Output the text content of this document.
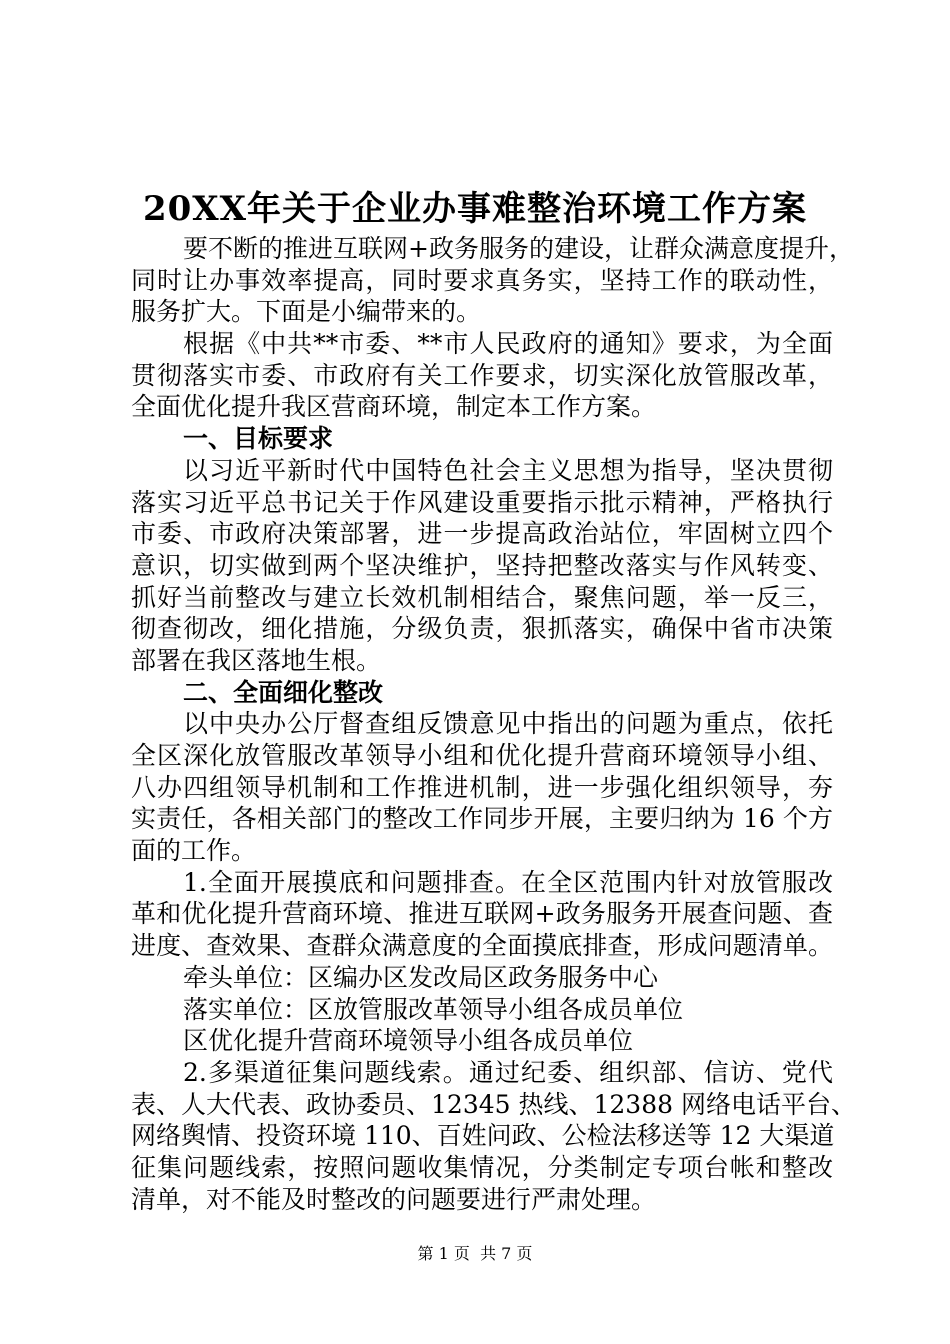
20XX年关于企业办事难整治环境工作方案
要不断的推进互联网+政务服务的建设，让群众满意度提升，
同时让办事效率提高，同时要求真务实，坚持工作的联动性，
服务扩大。下面是小编带来的。
根据《中共**市委、**市人民政府的通知》要求，为全面
贯彻落实市委、市政府有关工作要求，切实深化放管服改革，
全面优化提升我区营商环境，制定本工作方案。
一、目标要求
以习近平新时代中国特色社会主义思想为指导，坚决贯彻
落实习近平总书记关于作风建设重要指示批示精神，严格执行
市委、市政府决策部署，进一步提高政治站位，牢固树立四个
意识，切实做到两个坚决维护，坚持把整改落实与作风转变、
抓好当前整改与建立长效机制相结合，聚焦问题，举一反三，
彻查彻改，细化措施，分级负责，狠抓落实，确保中省市决策
部署在我区落地生根。
二、全面细化整改
以中央办公厅督查组反馈意见中指出的问题为重点，依托
全区深化放管服改革领导小组和优化提升营商环境领导小组、
八办四组领导机制和工作推进机制，进一步强化组织领导，夯
实责任，各相关部门的整改工作同步开展，主要归纳为 16 个方
面的工作。
1.全面开展摸底和问题排查。在全区范围内针对放管服改
革和优化提升营商环境、推进互联网+政务服务开展查问题、查
进度、查效果、查群众满意度的全面摸底排查，形成问题清单。
牵头单位：区编办区发改局区政务服务中心
落实单位：区放管服改革领导小组各成员单位
区优化提升营商环境领导小组各成员单位
2.多渠道征集问题线索。通过纪委、组织部、信访、党代
表、人大代表、政协委员、12345 热线、12388 网络电话平台、
网络舆情、投资环境 110、百姓问政、公检法移送等 12 大渠道
征集问题线索，按照问题收集情况，分类制定专项台帐和整改
清单，对不能及时整改的问题要进行严肃处理。
第 1 页  共 7 页
